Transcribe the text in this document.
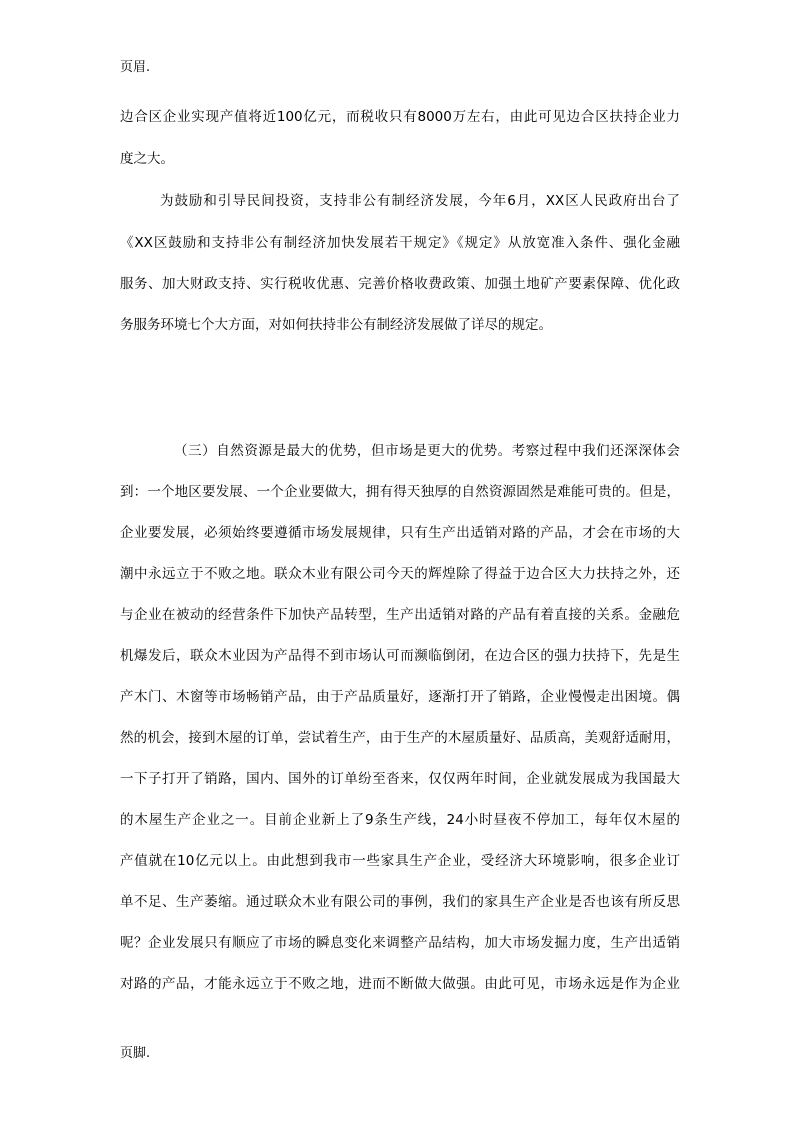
页眉.
边合区企业实现产值将近100亿元，而税收只有8000万左右，由此可见边合区扶持企业力
度之大。
为鼓励和引导民间投资，支持非公有制经济发展，今年6月，XX区人民政府出台了
《XX区鼓励和支持非公有制经济加快发展若干规定》《规定》从放宽准入条件、强化金融
服务、加大财政支持、实行税收优惠、完善价格收费政策、加强土地矿产要素保障、优化政
务服务环境七个大方面，对如何扶持非公有制经济发展做了详尽的规定。
（三）自然资源是最大的优势，但市场是更大的优势。考察过程中我们还深深体会
到：一个地区要发展、一个企业要做大，拥有得天独厚的自然资源固然是难能可贵的。但是，
企业要发展，必须始终要遵循市场发展规律，只有生产出适销对路的产品，才会在市场的大
潮中永远立于不败之地。联众木业有限公司今天的辉煌除了得益于边合区大力扶持之外，还
与企业在被动的经营条件下加快产品转型，生产出适销对路的产品有着直接的关系。金融危
机爆发后，联众木业因为产品得不到市场认可而濒临倒闭，在边合区的强力扶持下，先是生
产木门、木窗等市场畅销产品，由于产品质量好，逐渐打开了销路，企业慢慢走出困境。偶
然的机会，接到木屋的订单，尝试着生产，由于生产的木屋质量好、品质高，美观舒适耐用，
一下子打开了销路，国内、国外的订单纷至沓来，仅仅两年时间，企业就发展成为我国最大
的木屋生产企业之一。目前企业新上了9条生产线，24小时昼夜不停加工，每年仅木屋的
产值就在10亿元以上。由此想到我市一些家具生产企业，受经济大环境影响，很多企业订
单不足、生产萎缩。通过联众木业有限公司的事例，我们的家具生产企业是否也该有所反思
呢？企业发展只有顺应了市场的瞬息变化来调整产品结构，加大市场发掘力度，生产出适销
对路的产品，才能永远立于不败之地，进而不断做大做强。由此可见，市场永远是作为企业
页脚.
